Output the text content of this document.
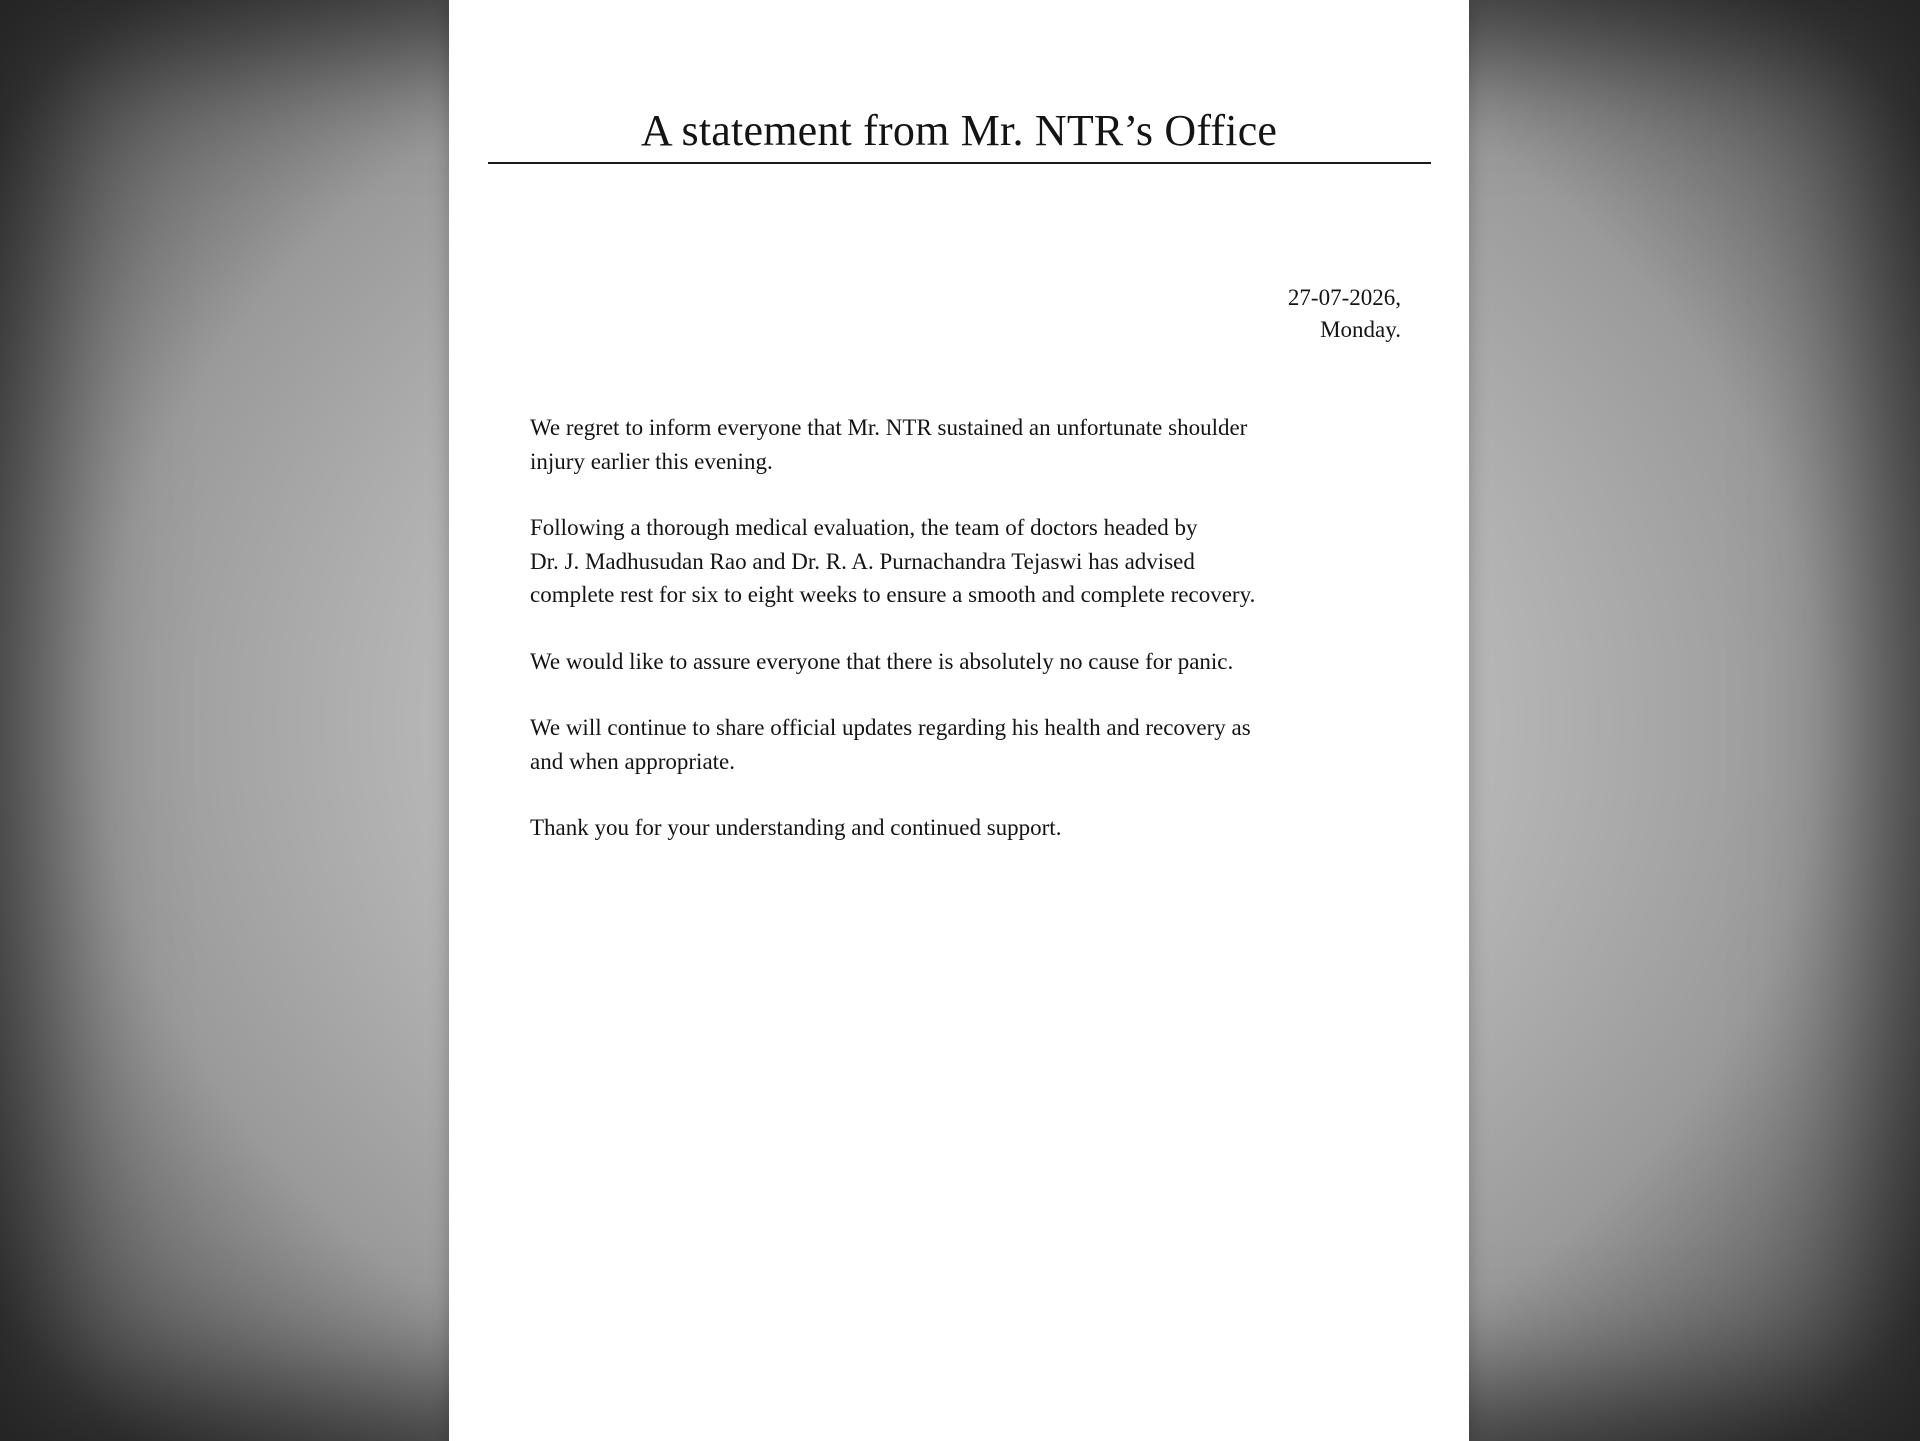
A statement from Mr. NTR’s Office
27-07-2026,
Monday.

We regret to inform everyone that Mr. NTR sustained an unfortunate shoulder
injury earlier this evening.

Following a thorough medical evaluation, the team of doctors headed by
Dr. J. Madhusudan Rao and Dr. R. A. Purnachandra Tejaswi has advised
complete rest for six to eight weeks to ensure a smooth and complete recovery.

We would like to assure everyone that there is absolutely no cause for panic.

We will continue to share official updates regarding his health and recovery as
and when appropriate.

Thank you for your understanding and continued support.
